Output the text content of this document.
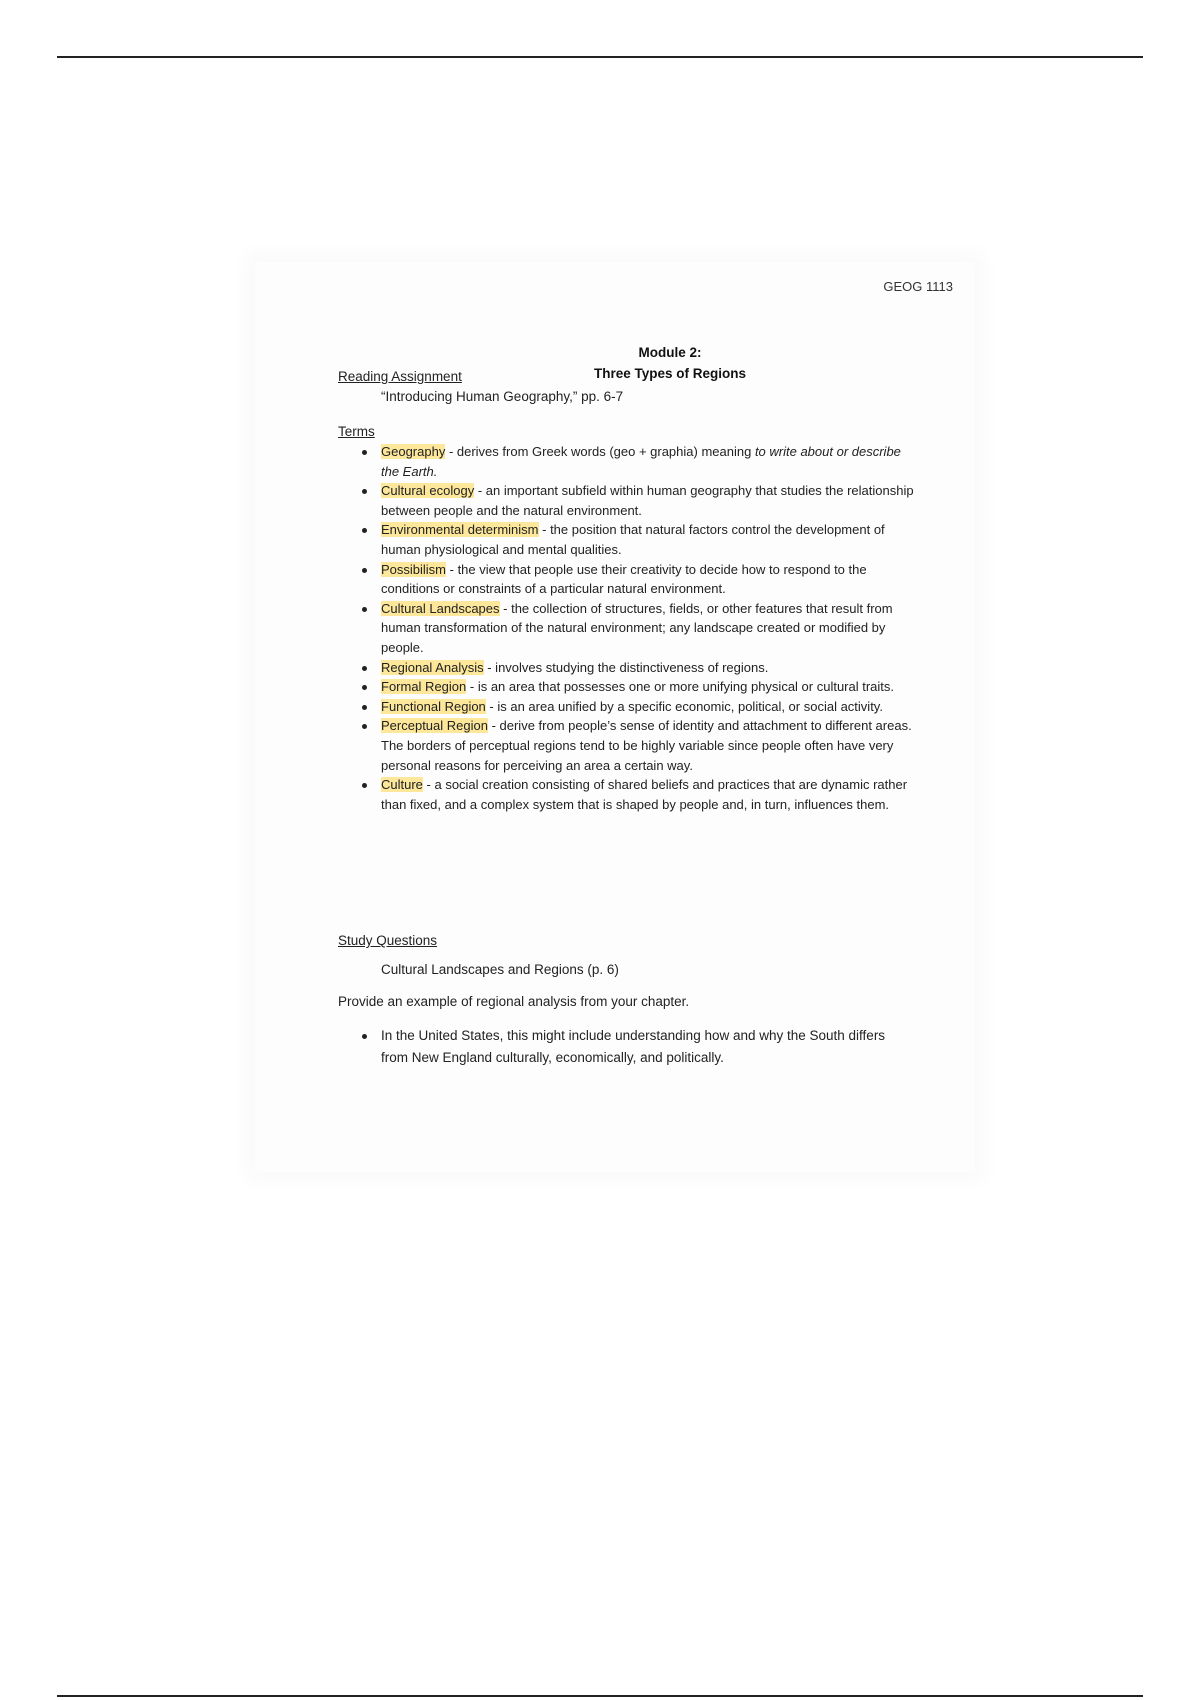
GEOG 1113
Module 2:
Three Types of Regions
Reading Assignment
“Introducing Human Geography,” pp. 6-7
Terms
Geography - derives from Greek words (geo + graphia) meaning to write about or describe the Earth.
Cultural ecology - an important subfield within human geography that studies the relationship between people and the natural environment.
Environmental determinism - the position that natural factors control the development of human physiological and mental qualities.
Possibilism - the view that people use their creativity to decide how to respond to the conditions or constraints of a particular natural environment.
Cultural Landscapes - the collection of structures, fields, or other features that result from human transformation of the natural environment; any landscape created or modified by people.
Regional Analysis - involves studying the distinctiveness of regions.
Formal Region - is an area that possesses one or more unifying physical or cultural traits.
Functional Region - is an area unified by a specific economic, political, or social activity.
Perceptual Region - derive from people’s sense of identity and attachment to different areas. The borders of perceptual regions tend to be highly variable since people often have very personal reasons for perceiving an area a certain way.
Culture - a social creation consisting of shared beliefs and practices that are dynamic rather than fixed, and a complex system that is shaped by people and, in turn, influences them.
Study Questions
Cultural Landscapes and Regions (p. 6)
Provide an example of regional analysis from your chapter.
In the United States, this might include understanding how and why the South differs from New England culturally, economically, and politically.
